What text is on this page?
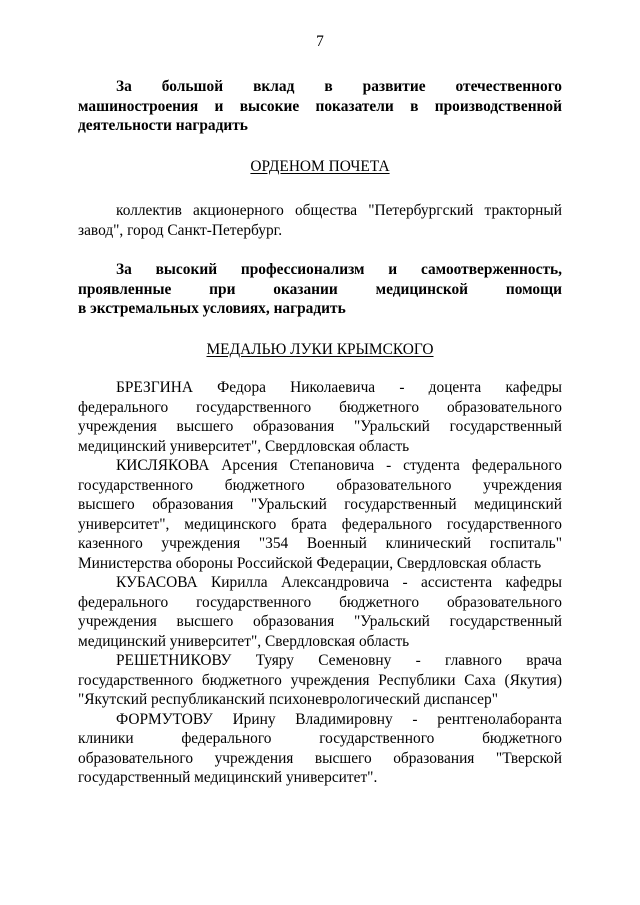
7
За большой вклад в развитие отечественного
машиностроения и высокие показатели в производственной
деятельности наградить
ОРДЕНОМ ПОЧЕТА
коллектив акционерного общества "Петербургский тракторный
завод", город Санкт-Петербург.
За высокий профессионализм и самоотверженность,
проявленные при оказании медицинской помощи
в экстремальных условиях, наградить
МЕДАЛЬЮ ЛУКИ КРЫМСКОГО
БРЕЗГИНА Федора Николаевича - доцента кафедры
федерального государственного бюджетного образовательного
учреждения высшего образования "Уральский государственный
медицинский университет", Свердловская область
КИСЛЯКОВА Арсения Степановича - студента федерального
государственного бюджетного образовательного учреждения
высшего образования "Уральский государственный медицинский
университет", медицинского брата федерального государственного
казенного учреждения "354 Военный клинический госпиталь"
Министерства обороны Российской Федерации, Свердловская область
КУБАСОВА Кирилла Александровича - ассистента кафедры
федерального государственного бюджетного образовательного
учреждения высшего образования "Уральский государственный
медицинский университет", Свердловская область
РЕШЕТНИКОВУ Туяру Семеновну - главного врача
государственного бюджетного учреждения Республики Саха (Якутия)
"Якутский республиканский психоневрологический диспансер"
ФОРМУТОВУ Ирину Владимировну - рентгенолаборанта
клиники федерального государственного бюджетного
образовательного учреждения высшего образования "Тверской
государственный медицинский университет".
